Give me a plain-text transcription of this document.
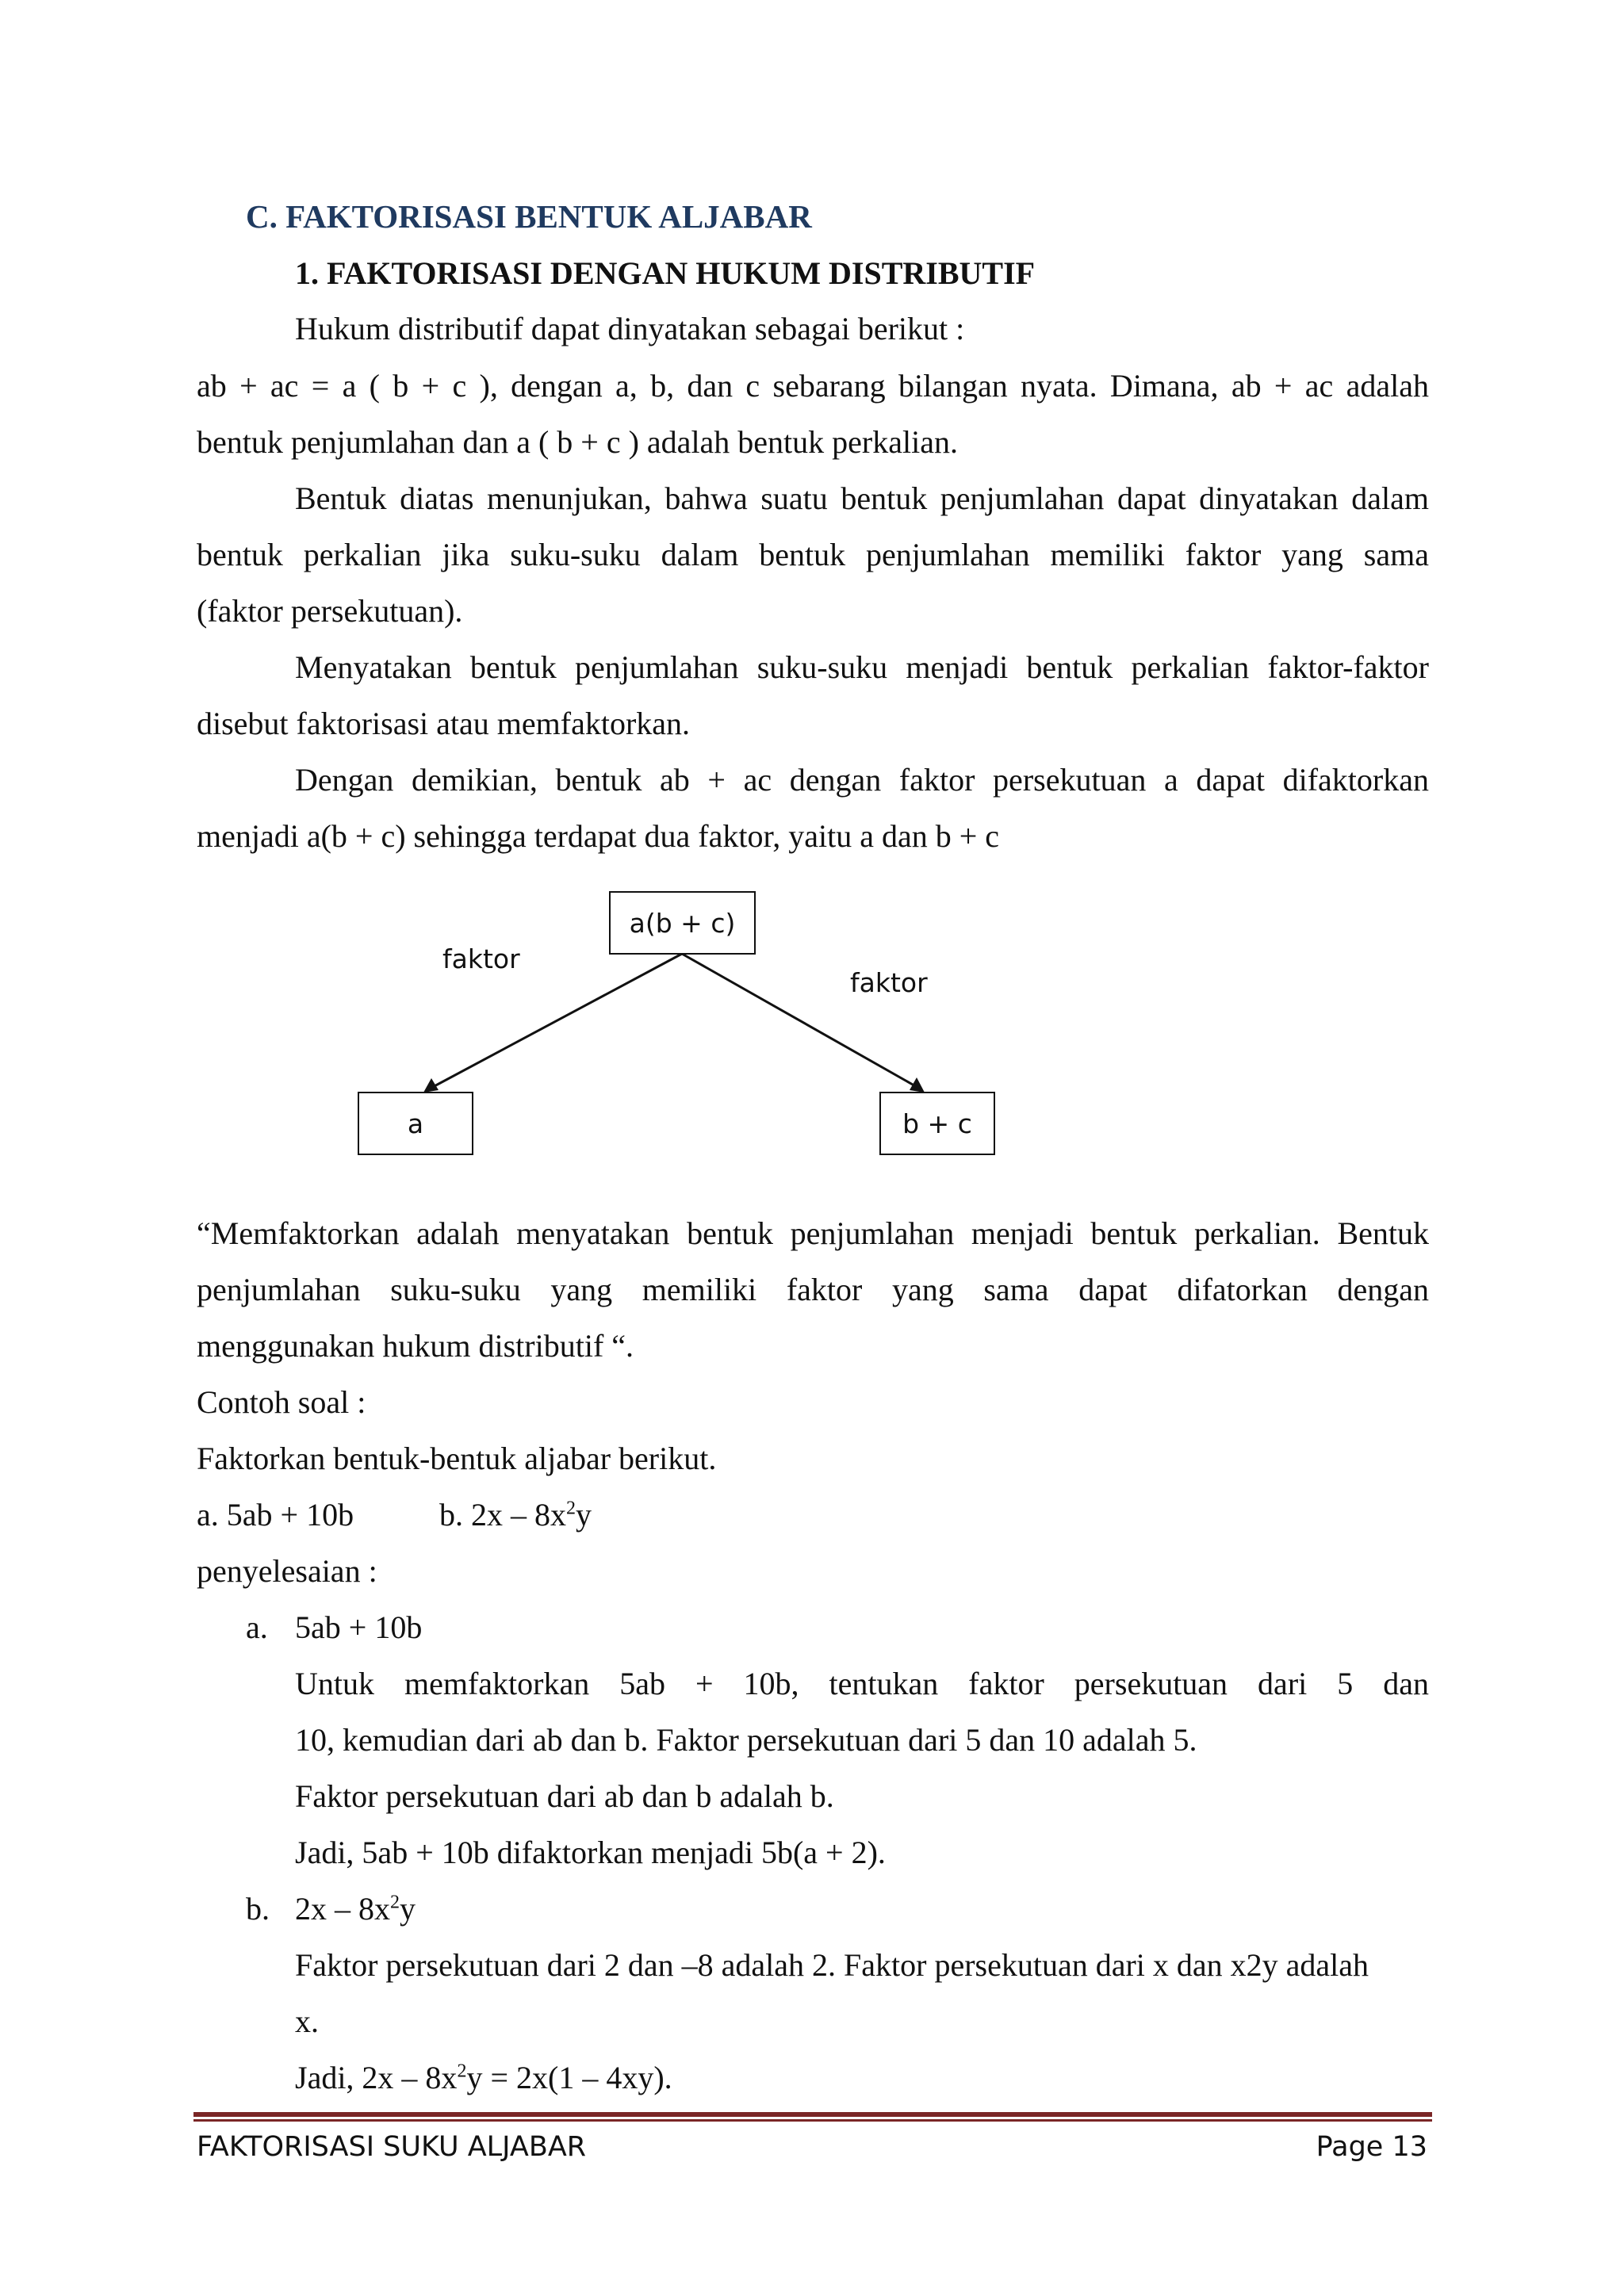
C. FAKTORISASI BENTUK ALJABAR
1. FAKTORISASI DENGAN HUKUM DISTRIBUTIF
Hukum distributif dapat dinyatakan sebagai berikut :
ab + ac = a ( b + c ), dengan a, b, dan c sebarang bilangan nyata. Dimana, ab + ac adalah
bentuk penjumlahan dan a ( b + c ) adalah bentuk perkalian.
Bentuk diatas menunjukan, bahwa suatu bentuk penjumlahan dapat dinyatakan dalam
bentuk perkalian jika suku-suku dalam bentuk penjumlahan memiliki faktor yang sama
(faktor persekutuan).
Menyatakan bentuk penjumlahan suku-suku menjadi bentuk perkalian faktor-faktor
disebut faktorisasi atau memfaktorkan.
Dengan demikian, bentuk ab + ac dengan faktor persekutuan a dapat difaktorkan
menjadi a(b + c) sehingga terdapat dua faktor, yaitu a dan b + c
a(b + c)
faktor
faktor
a	b + c
“Memfaktorkan adalah menyatakan bentuk penjumlahan menjadi bentuk perkalian. Bentuk
penjumlahan suku-suku yang memiliki faktor yang sama dapat difatorkan dengan
menggunakan hukum distributif “.
Contoh soal :
Faktorkan bentuk-bentuk aljabar berikut.
a. 5ab + 10b	b. $2x - 8x^2y$
penyelesaian :
a. 5ab + 10b
Untuk memfaktorkan 5ab + 10b, tentukan faktor persekutuan dari 5 dan
10, kemudian dari ab dan b. Faktor persekutuan dari 5 dan 10 adalah 5.
Faktor persekutuan dari ab dan b adalah b.
Jadi, 5ab + 10b difaktorkan menjadi 5b(a + 2).
b. $2x - 8x^2y$
Faktor persekutuan dari 2 dan –8 adalah 2. Faktor persekutuan dari x dan x2y adalah
x.
Jadi, $2x - 8x^2y = 2x(1 - 4xy)$.
FAKTORISASI SUKU ALJABAR	Page 13
